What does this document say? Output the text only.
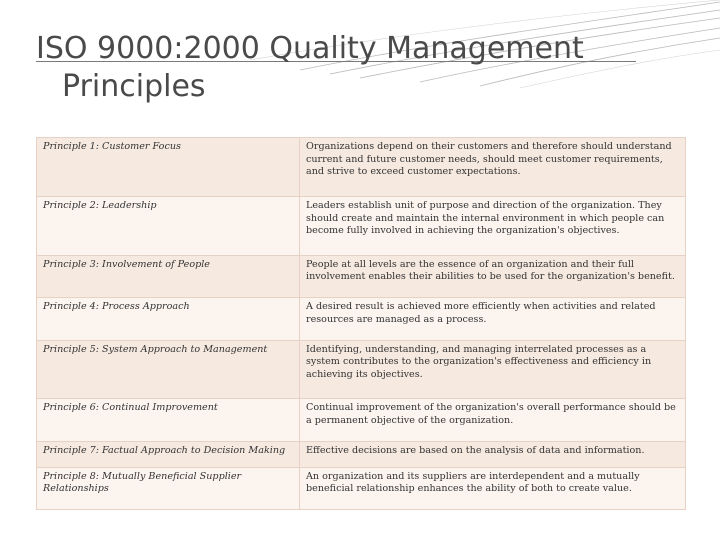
ISO 9000:2000 Quality Management
Principles
Principle 1: Customer Focus	Organizations depend on their customers and therefore should understand current and future customer needs, should meet customer requirements, and strive to exceed customer expectations.
Principle 2: Leadership	Leaders establish unit of purpose and direction of the organization. They should create and maintain the internal environment in which people can become fully involved in achieving the organization's objectives.
Principle 3: Involvement of People	People at all levels are the essence of an organization and their full involvement enables their abilities to be used for the organization's benefit.
Principle 4: Process Approach	A desired result is achieved more efficiently when activities and related resources are managed as a process.
Principle 5: System Approach to Management	Identifying, understanding, and managing interrelated processes as a system contributes to the organization's effectiveness and efficiency in achieving its objectives.
Principle 6: Continual Improvement	Continual improvement of the organization's overall performance should be a permanent objective of the organization.
Principle 7: Factual Approach to Decision Making	Effective decisions are based on the analysis of data and information.
Principle 8: Mutually Beneficial Supplier Relationships	An organization and its suppliers are interdependent and a mutually beneficial relationship enhances the ability of both to create value.
